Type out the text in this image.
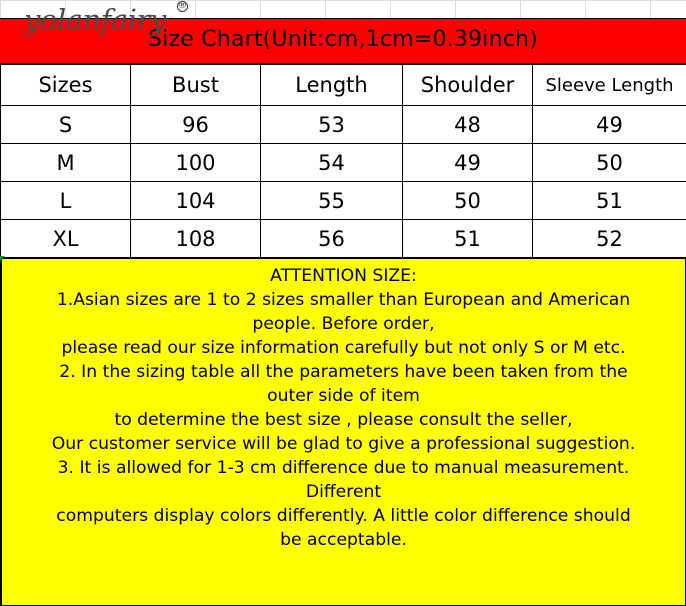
yolanfairy ®
Size Chart(Unit:cm,1cm=0.39inch)
Sizes	Bust	Length	Shoulder	Sleeve Length
S	96	53	48	49
M	100	54	49	50
L	104	55	50	51
XL	108	56	51	52
ATTENTION SIZE:
1.Asian sizes are 1 to 2 sizes smaller than European and American
people. Before order,
please read our size information carefully but not only S or M etc.
2. In the sizing table all the parameters have been taken from the
outer side of item
to determine the best size , please consult the seller,
Our customer service will be glad to give a professional suggestion.
3. It is allowed for 1-3 cm difference due to manual measurement.
Different
computers display colors differently. A little color difference should
be acceptable.
